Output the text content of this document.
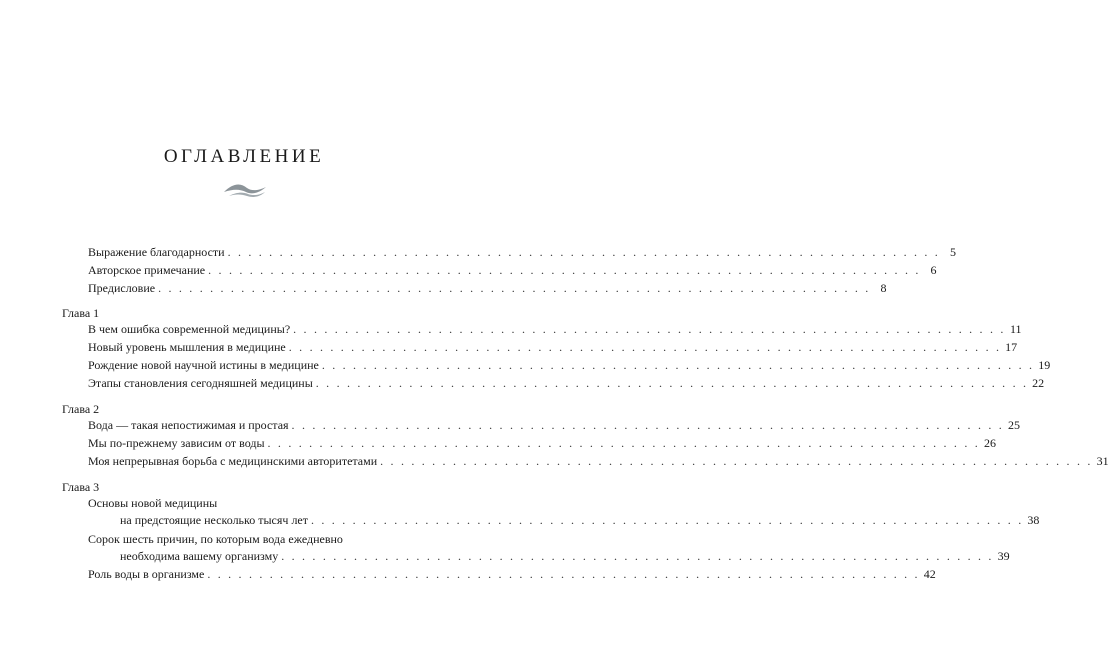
ОГЛАВЛЕНИЕ
Выражение благодарности . . . . . . . . . . . . . . . . . . . . . . . . . . . . . . . . . . . . . . . . . . . . . . . . . . . . . . . . . . . . . . . . . . . . . 5
Авторское примечание . . . . . . . . . . . . . . . . . . . . . . . . . . . . . . . . . . . . . . . . . . . . . . . . . . . . . . . . . . . . . . . . . . . . . 6
Предисловие . . . . . . . . . . . . . . . . . . . . . . . . . . . . . . . . . . . . . . . . . . . . . . . . . . . . . . . . . . . . . . . . . . . . . 8
Глава 1
В чем ошибка современной медицины? . . . . . . . . . . . . . . . . . . . . . . . . . . . . . . . . . . . . . . . . . . . . . . . . . . . . . . . . . . . . . . . . . . . . . 11
Новый уровень мышления в медицине . . . . . . . . . . . . . . . . . . . . . . . . . . . . . . . . . . . . . . . . . . . . . . . . . . . . . . . . . . . . . . . . . . . . . 17
Рождение новой научной истины в медицине . . . . . . . . . . . . . . . . . . . . . . . . . . . . . . . . . . . . . . . . . . . . . . . . . . . . . . . . . . . . . . . . . . . . . 19
Этапы становления сегодняшней медицины . . . . . . . . . . . . . . . . . . . . . . . . . . . . . . . . . . . . . . . . . . . . . . . . . . . . . . . . . . . . . . . . . . . . . 22
Глава 2
Вода — такая непостижимая и простая . . . . . . . . . . . . . . . . . . . . . . . . . . . . . . . . . . . . . . . . . . . . . . . . . . . . . . . . . . . . . . . . . . . . . 25
Мы по-прежнему зависим от воды . . . . . . . . . . . . . . . . . . . . . . . . . . . . . . . . . . . . . . . . . . . . . . . . . . . . . . . . . . . . . . . . . . . . . 26
Моя непрерывная борьба с медицинскими авторитетами . . . . . . . . . . . . . . . . . . . . . . . . . . . . . . . . . . . . . . . . . . . . . . . . . . . . . . . . . . . . . . . . . . . . . 31
Глава 3
Основы новой медицины
на предстоящие несколько тысяч лет . . . . . . . . . . . . . . . . . . . . . . . . . . . . . . . . . . . . . . . . . . . . . . . . . . . . . . . . . . . . . . . . . . . . . 38
Сорок шесть причин, по которым вода ежедневно
необходима вашему организму . . . . . . . . . . . . . . . . . . . . . . . . . . . . . . . . . . . . . . . . . . . . . . . . . . . . . . . . . . . . . . . . . . . . . 39
Роль воды в организме . . . . . . . . . . . . . . . . . . . . . . . . . . . . . . . . . . . . . . . . . . . . . . . . . . . . . . . . . . . . . . . . . . . . . 42
